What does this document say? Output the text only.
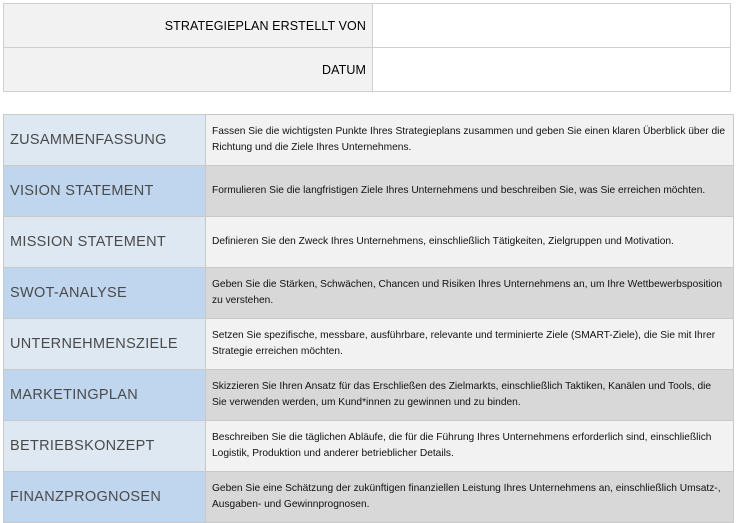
STRATEGIEPLAN ERSTELLT VON	
DATUM	
ZUSAMMENFASSUNG	Fassen Sie die wichtigsten Punkte Ihres Strategieplans zusammen und geben Sie einen klaren Überblick über die Richtung und die Ziele Ihres Unternehmens.
VISION STATEMENT	Formulieren Sie die langfristigen Ziele Ihres Unternehmens und beschreiben Sie, was Sie erreichen möchten.
MISSION STATEMENT	Definieren Sie den Zweck Ihres Unternehmens, einschließlich Tätigkeiten, Zielgruppen und Motivation.
SWOT-ANALYSE	Geben Sie die Stärken, Schwächen, Chancen und Risiken Ihres Unternehmens an, um Ihre Wettbewerbsposition zu verstehen.
UNTERNEHMENSZIELE	Setzen Sie spezifische, messbare, ausführbare, relevante und terminierte Ziele (SMART-Ziele), die Sie mit Ihrer Strategie erreichen möchten.
MARKETINGPLAN	Skizzieren Sie Ihren Ansatz für das Erschließen des Zielmarkts, einschließlich Taktiken, Kanälen und Tools, die Sie verwenden werden, um Kund*innen zu gewinnen und zu binden.
BETRIEBSKONZEPT	Beschreiben Sie die täglichen Abläufe, die für die Führung Ihres Unternehmens erforderlich sind, einschließlich Logistik, Produktion und anderer betrieblicher Details.
FINANZPROGNOSEN	Geben Sie eine Schätzung der zukünftigen finanziellen Leistung Ihres Unternehmens an, einschließlich Umsatz-, Ausgaben- und Gewinnprognosen.
